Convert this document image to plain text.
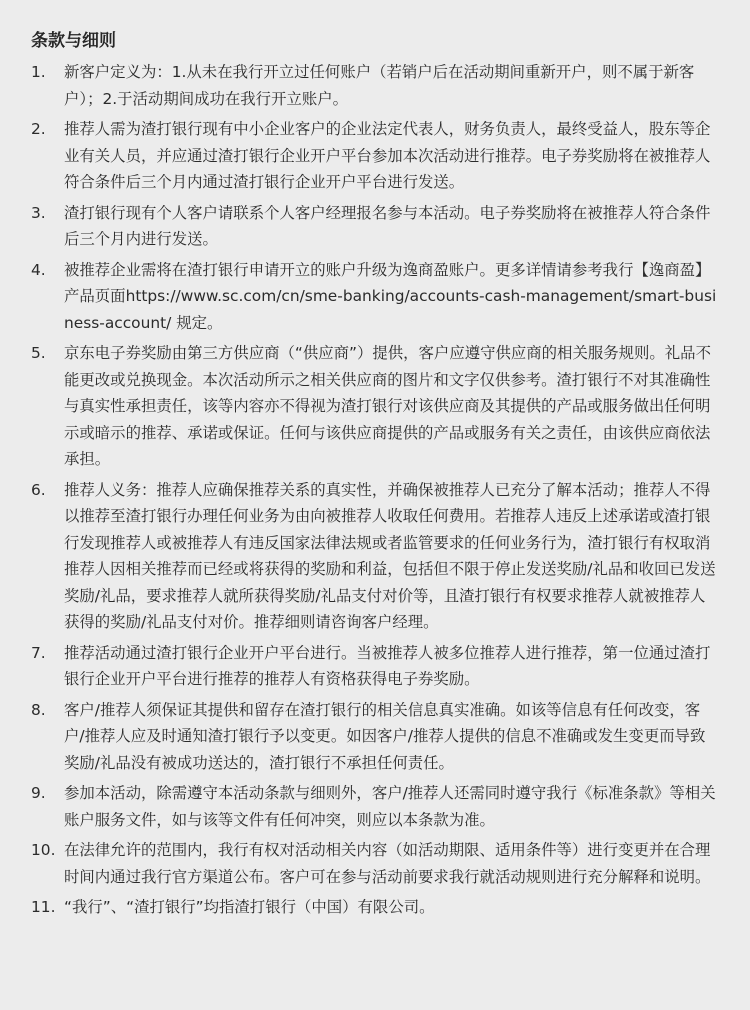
条款与细则
1.	新客户定义为：1.从未在我行开立过任何账户（若销户后在活动期间重新开户，则不属于新客户）；2.于活动期间成功在我行开立账户。
2.	推荐人需为渣打银行现有中小企业客户的企业法定代表人，财务负责人，最终受益人，股东等企业有关人员，并应通过渣打银行企业开户平台参加本次活动进行推荐。电子券奖励将在被推荐人符合条件后三个月内通过渣打银行企业开户平台进行发送。
3.	渣打银行现有个人客户请联系个人客户经理报名参与本活动。电子券奖励将在被推荐人符合条件后三个月内进行发送。
4.	被推荐企业需将在渣打银行申请开立的账户升级为逸商盈账户。更多详情请参考我行【逸商盈】产品页面https://www.sc.com/cn/sme-banking/accounts-cash-management/smart-business-account/ 规定。
5.	京东电子券奖励由第三方供应商（“供应商”）提供，客户应遵守供应商的相关服务规则。礼品不能更改或兑换现金。本次活动所示之相关供应商的图片和文字仅供参考。渣打银行不对其准确性与真实性承担责任，该等内容亦不得视为渣打银行对该供应商及其提供的产品或服务做出任何明示或暗示的推荐、承诺或保证。任何与该供应商提供的产品或服务有关之责任，由该供应商依法承担。
6.	推荐人义务：推荐人应确保推荐关系的真实性，并确保被推荐人已充分了解本活动；推荐人不得以推荐至渣打银行办理任何业务为由向被推荐人收取任何费用。若推荐人违反上述承诺或渣打银行发现推荐人或被推荐人有违反国家法律法规或者监管要求的任何业务行为，渣打银行有权取消推荐人因相关推荐而已经或将获得的奖励和利益，包括但不限于停止发送奖励/礼品和收回已发送奖励/礼品，要求推荐人就所获得奖励/礼品支付对价等，且渣打银行有权要求推荐人就被推荐人获得的奖励/礼品支付对价。推荐细则请咨询客户经理。
7.	推荐活动通过渣打银行企业开户平台进行。当被推荐人被多位推荐人进行推荐，第一位通过渣打银行企业开户平台进行推荐的推荐人有资格获得电子券奖励。
8.	客户/推荐人须保证其提供和留存在渣打银行的相关信息真实准确。如该等信息有任何改变，客户/推荐人应及时通知渣打银行予以变更。如因客户/推荐人提供的信息不准确或发生变更而导致奖励/礼品没有被成功送达的，渣打银行不承担任何责任。
9.	参加本活动，除需遵守本活动条款与细则外，客户/推荐人还需同时遵守我行《标准条款》等相关账户服务文件，如与该等文件有任何冲突，则应以本条款为准。
10. 在法律允许的范围内，我行有权对活动相关内容（如活动期限、适用条件等）进行变更并在合理时间内通过我行官方渠道公布。客户可在参与活动前要求我行就活动规则进行充分解释和说明。
11. “我行”、“渣打银行”均指渣打银行（中国）有限公司。
